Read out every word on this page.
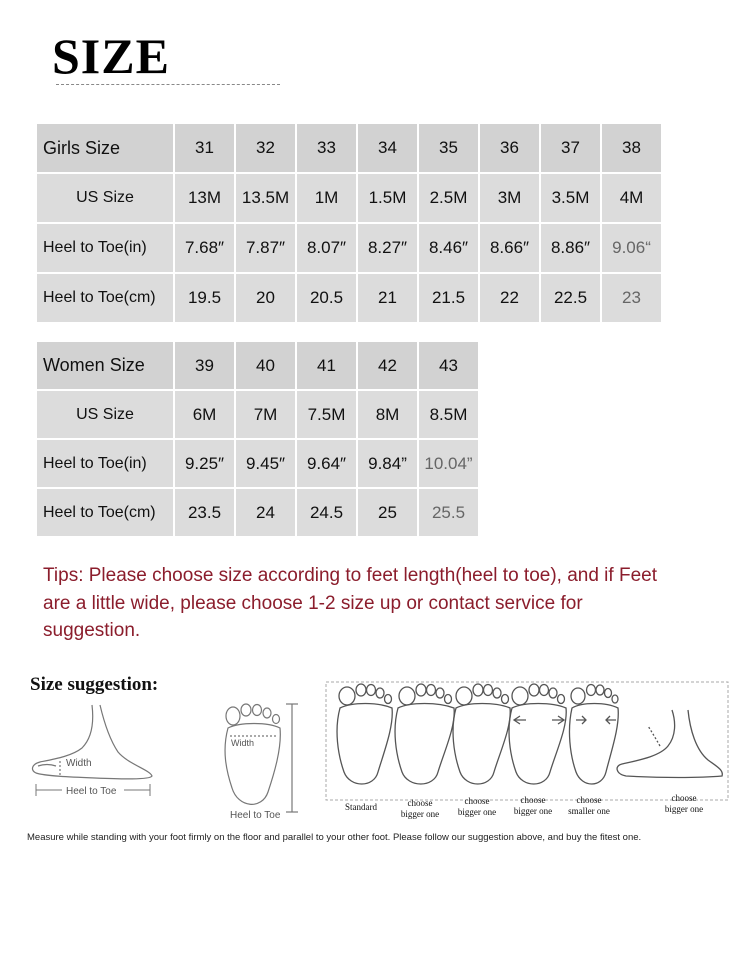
SIZE
Girls Size	31	32	33	34	35	36	37	38
US Size	13M	13.5M	1M	1.5M	2.5M	3M	3.5M	4M
Heel to Toe(in)	7.68″	7.87″	8.07″	8.27″	8.46″	8.66″	8.86″	9.06“
Heel to Toe(cm)	19.5	20	20.5	21	21.5	22	22.5	23
Women Size	39	40	41	42	43
US Size	6M	7M	7.5M	8M	8.5M
Heel to Toe(in)	9.25″	9.45″	9.64″	9.84”	10.04”
Heel to Toe(cm)	23.5	24	24.5	25	25.5
Tips: Please choose size according to feet length(heel to toe), and if Feet are a little wide, please choose 1-2 size up or contact service for suggestion.
Size suggestion:
Width
Heel to Toe
Width
Heel to Toe
Standard	choose
bigger one
choose
bigger one
choose
bigger one
choose
smaller one
choose
bigger one
Measure while standing with your foot firmly on the floor and parallel to your other foot. Please follow our suggestion above, and buy the fitest one.
